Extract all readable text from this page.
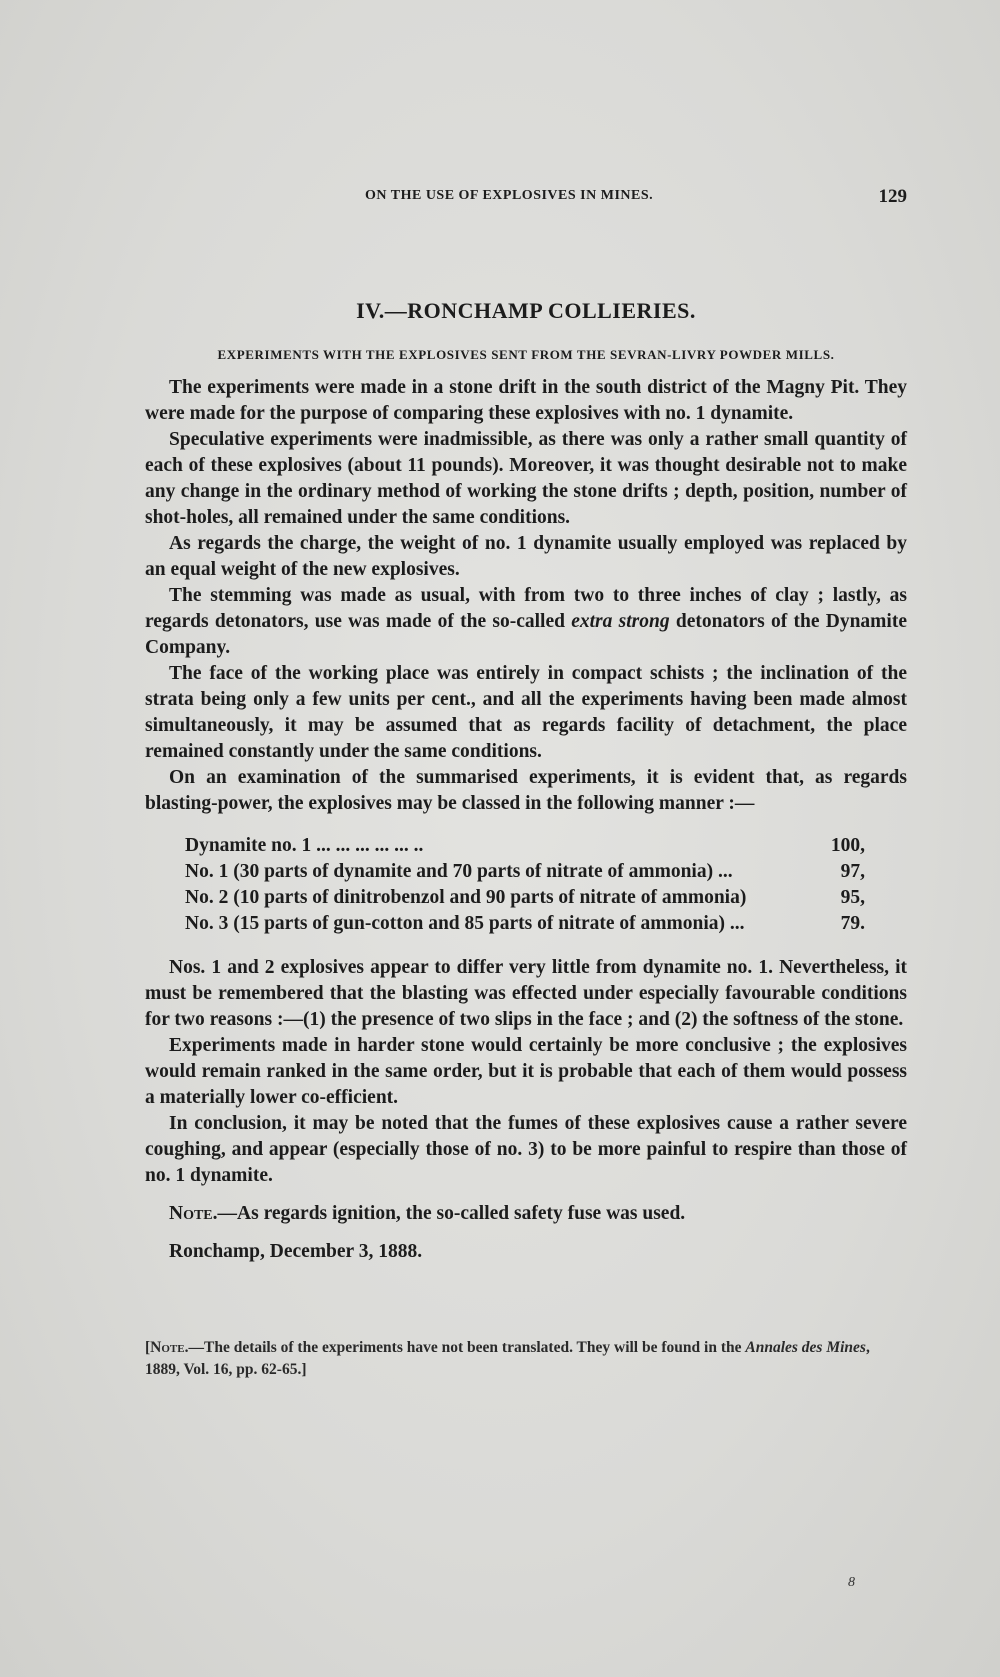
ON THE USE OF EXPLOSIVES IN MINES.	129
IV.—RONCHAMP COLLIERIES.
EXPERIMENTS WITH THE EXPLOSIVES SENT FROM THE SEVRAN-LIVRY POWDER MILLS.

The experiments were made in a stone drift in the south district of the Magny Pit. They were made for the purpose of comparing these explosives with no. 1 dynamite.

Speculative experiments were inadmissible, as there was only a rather small quantity of each of these explosives (about 11 pounds). Moreover, it was thought desirable not to make any change in the ordinary method of working the stone drifts ; depth, position, number of shot-holes, all remained under the same conditions.

As regards the charge, the weight of no. 1 dynamite usually employed was replaced by an equal weight of the new explosives.

The stemming was made as usual, with from two to three inches of clay ; lastly, as regards detonators, use was made of the so-called extra strong detonators of the Dynamite Company.

The face of the working place was entirely in compact schists ; the inclination of the strata being only a few units per cent., and all the experiments having been made almost simultaneously, it may be assumed that as regards facility of detachment, the place remained constantly under the same conditions.

On an examination of the summarised experiments, it is evident that, as regards blasting-power, the explosives may be classed in the following manner :—

Dynamite no. 1 ... ... ... ... ... ..	100,
No. 1 (30 parts of dynamite and 70 parts of nitrate of ammonia) ...	97,
No. 2 (10 parts of dinitrobenzol and 90 parts of nitrate of ammonia)	95,
No. 3 (15 parts of gun-cotton and 85 parts of nitrate of ammonia) ...	79.

Nos. 1 and 2 explosives appear to differ very little from dynamite no. 1. Nevertheless, it must be remembered that the blasting was effected under especially favourable conditions for two reasons :—(1) the presence of two slips in the face ; and (2) the softness of the stone.

Experiments made in harder stone would certainly be more conclusive ; the explosives would remain ranked in the same order, but it is probable that each of them would possess a materially lower co-efficient.

In conclusion, it may be noted that the fumes of these explosives cause a rather severe coughing, and appear (especially those of no. 3) to be more painful to respire than those of no. 1 dynamite.

Note.—As regards ignition, the so-called safety fuse was used.

Ronchamp, December 3, 1888.

[Note.—The details of the experiments have not been translated. They will be found in the Annales des Mines, 1889, Vol. 16, pp. 62-65.]
8
